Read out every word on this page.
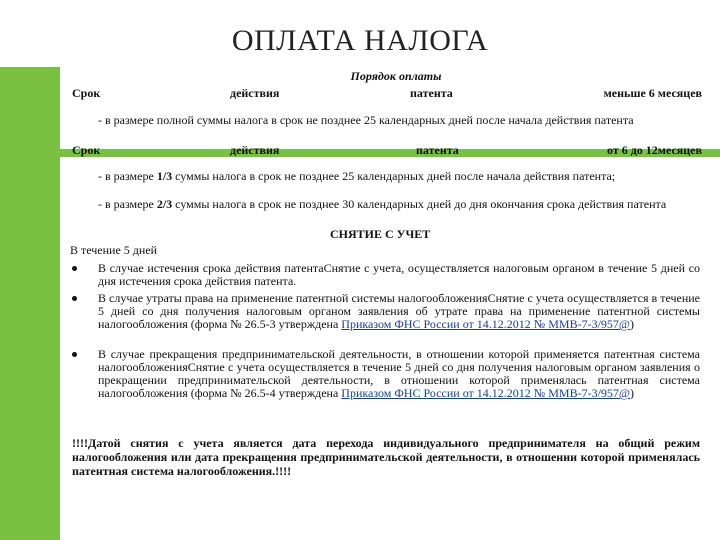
ОПЛАТА НАЛОГА
Порядок оплаты
Срок	действия	патента	меньше 6 месяцев
- в размере полной суммы налога в срок не позднее 25 календарных дней после начала действия патента
Срок	действия	патента	от 6 до 12месяцев
- в размере 1/3 суммы налога в срок не позднее 25 календарных дней после начала действия патента;
- в размере 2/3 суммы налога в срок не позднее 30 календарных дней до дня окончания срока действия патента
СНЯТИЕ С УЧЕТ
В течение 5 дней
В случае истечения срока действия патентаСнятие с учета, осуществляется налоговым органом в течение 5 дней со дня истечения срока действия патента.
В случае утраты права на применение патентной системы налогообложенияСнятие с учета осуществляется в течение 5 дней со дня получения налоговым органом заявления об утрате права на применение патентной системы налогообложения (форма № 26.5-3 утверждена Приказом ФНС России от 14.12.2012 № ММВ-7-3/957@)
В случае прекращения предпринимательской деятельности, в отношении которой применяется патентная система налогообложенияСнятие с учета осуществляется в течение 5 дней со дня получения налоговым органом заявления о прекращении предпринимательской деятельности, в отношении которой применялась патентная система налогообложения (форма № 26.5-4 утверждена Приказом ФНС России от 14.12.2012 № ММВ-7-3/957@)
!!!!Датой снятия с учета является дата перехода индивидуального предпринимателя на общий режим налогообложения или дата прекращения предпринимательской деятельности, в отношении которой применялась патентная система налогообложения.!!!!
